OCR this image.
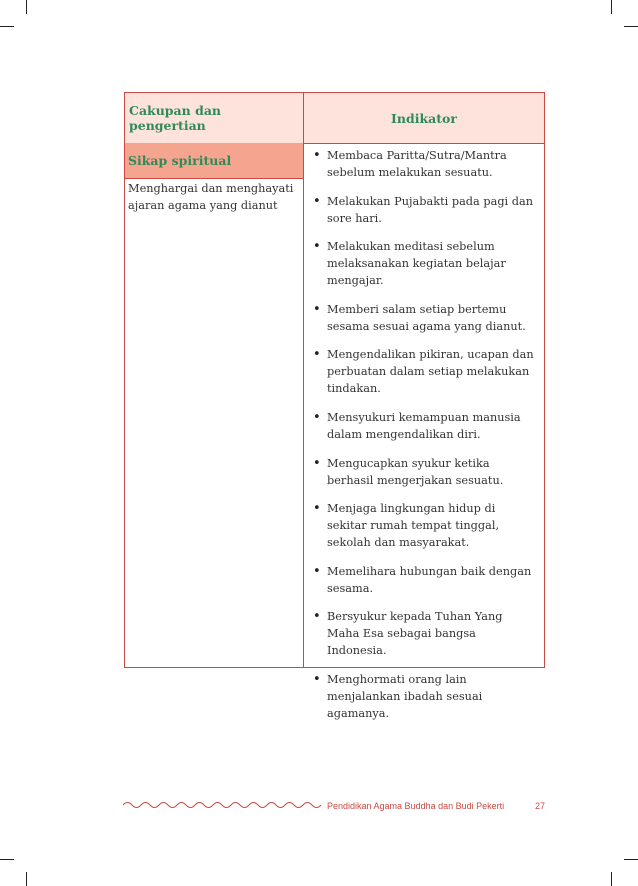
Cakupan dan pengertian	Indikator
Sikap spiritual
Menghargai dan menghayati ajaran agama yang dianut
• Membaca Paritta/Sutra/Mantra sebelum melakukan sesuatu.
• Melakukan Pujabakti pada pagi dan sore hari.
• Melakukan meditasi sebelum melaksanakan kegiatan belajar mengajar.
• Memberi salam setiap bertemu sesama sesuai agama yang dianut.
• Mengendalikan pikiran, ucapan dan perbuatan dalam setiap melakukan tindakan.
• Mensyukuri kemampuan manusia dalam mengendalikan diri.
• Mengucapkan syukur ketika berhasil mengerjakan sesuatu.
• Menjaga lingkungan hidup di sekitar rumah tempat tinggal, sekolah dan masyarakat.
• Memelihara hubungan baik dengan sesama.
• Bersyukur kepada Tuhan Yang Maha Esa sebagai bangsa Indonesia.
• Menghormati orang lain menjalankan ibadah sesuai agamanya.
Pendidikan Agama Buddha dan Budi Pekerti	27
